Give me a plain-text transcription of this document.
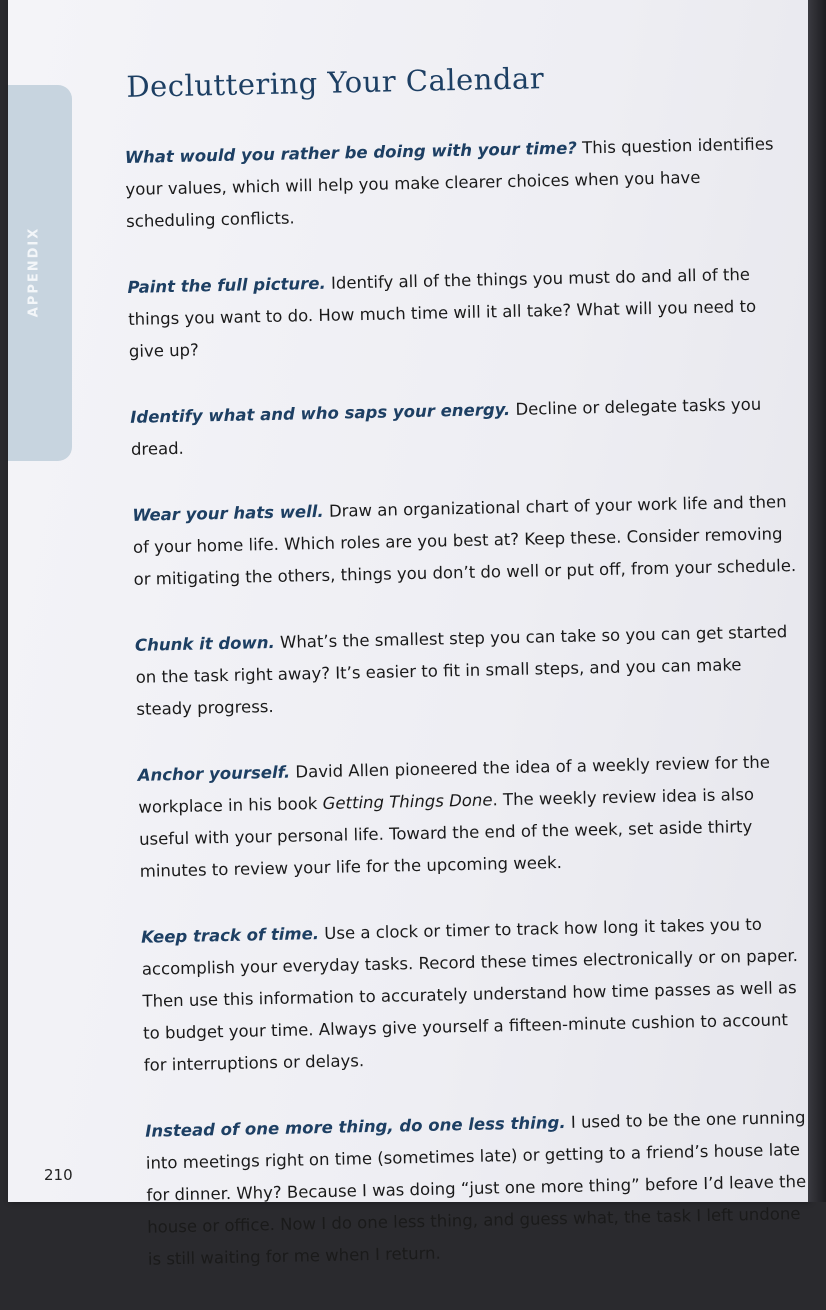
APPENDIX
Decluttering Your Calendar

What would you rather be doing with your time? This question identifies your values, which will help you make clearer choices when you have scheduling conflicts.

Paint the full picture. Identify all of the things you must do and all of the things you want to do. How much time will it all take? What will you need to give up?

Identify what and who saps your energy. Decline or delegate tasks you dread.

Wear your hats well. Draw an organizational chart of your work life and then of your home life. Which roles are you best at? Keep these. Consider removing or mitigating the others, things you don’t do well or put off, from your schedule.

Chunk it down. What’s the smallest step you can take so you can get started on the task right away? It’s easier to fit in small steps, and you can make steady progress.

Anchor yourself. David Allen pioneered the idea of a weekly review for the workplace in his book Getting Things Done. The weekly review idea is also useful with your personal life. Toward the end of the week, set aside thirty minutes to review your life for the upcoming week.

Keep track of time. Use a clock or timer to track how long it takes you to accomplish your everyday tasks. Record these times electronically or on paper. Then use this information to accurately understand how time passes as well as to budget your time. Always give yourself a fifteen-minute cushion to account for interruptions or delays.

Instead of one more thing, do one less thing. I used to be the one running into meetings right on time (sometimes late) or getting to a friend’s house late for dinner. Why? Because I was doing “just one more thing” before I’d leave the house or office. Now I do one less thing, and guess what, the task I left undone is still waiting for me when I return.

210
